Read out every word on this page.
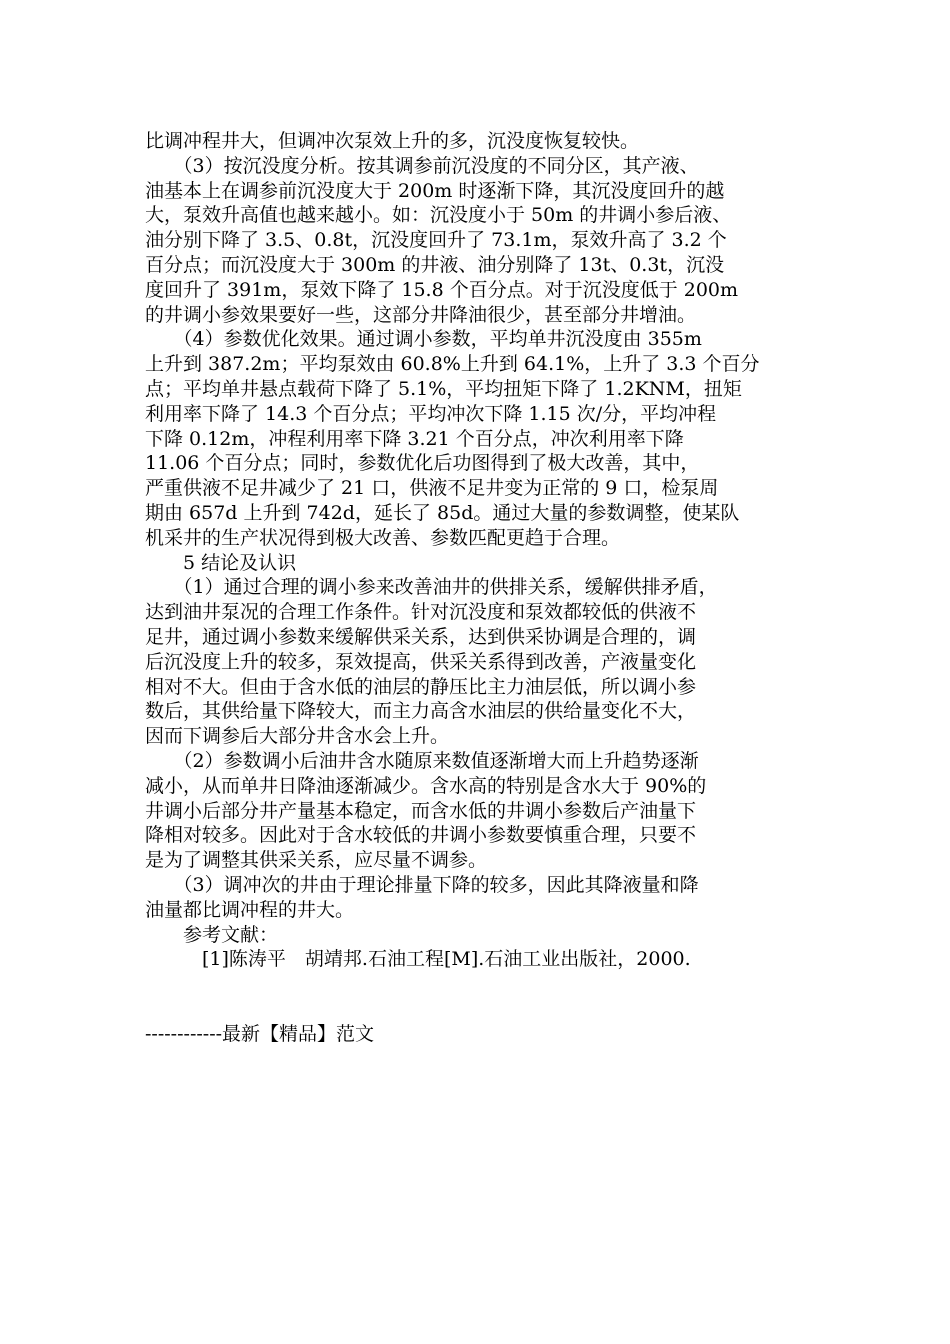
比调冲程井大，但调冲次泵效上升的多，沉没度恢复较快。
　　（3）按沉没度分析。按其调参前沉没度的不同分区，其产液、
油基本上在调参前沉没度大于 200m 时逐渐下降，其沉没度回升的越
大，泵效升高值也越来越小。如：沉没度小于 50m 的井调小参后液、
油分别下降了 3.5、0.8t，沉没度回升了 73.1m，泵效升高了 3.2 个
百分点；而沉没度大于 300m 的井液、油分别降了 13t、0.3t，沉没
度回升了 391m，泵效下降了 15.8 个百分点。对于沉没度低于 200m
的井调小参效果要好一些，这部分井降油很少，甚至部分井增油。
　　（4）参数优化效果。通过调小参数，平均单井沉没度由 355m
上升到 387.2m；平均泵效由 60.8%上升到 64.1%，上升了 3.3 个百分
点；平均单井悬点载荷下降了 5.1%，平均扭矩下降了 1.2KNM，扭矩
利用率下降了 14.3 个百分点；平均冲次下降 1.15 次/分，平均冲程
下降 0.12m，冲程利用率下降 3.21 个百分点，冲次利用率下降
11.06 个百分点；同时，参数优化后功图得到了极大改善，其中，
严重供液不足井减少了 21 口，供液不足井变为正常的 9 口，检泵周
期由 657d 上升到 742d，延长了 85d。通过大量的参数调整，使某队
机采井的生产状况得到极大改善、参数匹配更趋于合理。
　　5 结论及认识
　　（1）通过合理的调小参来改善油井的供排关系，缓解供排矛盾，
达到油井泵况的合理工作条件。针对沉没度和泵效都较低的供液不
足井，通过调小参数来缓解供采关系，达到供采协调是合理的，调
后沉没度上升的较多，泵效提高，供采关系得到改善，产液量变化
相对不大。但由于含水低的油层的静压比主力油层低，所以调小参
数后，其供给量下降较大，而主力高含水油层的供给量变化不大，
因而下调参后大部分井含水会上升。
　　（2）参数调小后油井含水随原来数值逐渐增大而上升趋势逐渐
减小，从而单井日降油逐渐减少。含水高的特别是含水大于 90%的
井调小后部分井产量基本稳定，而含水低的井调小参数后产油量下
降相对较多。因此对于含水较低的井调小参数要慎重合理，只要不
是为了调整其供采关系，应尽量不调参。
　　（3）调冲次的井由于理论排量下降的较多，因此其降液量和降
油量都比调冲程的井大。
　　参考文献：
　　　[1]陈涛平　胡靖邦.石油工程[M].石油工业出版社，2000.
------------最新【精品】范文
